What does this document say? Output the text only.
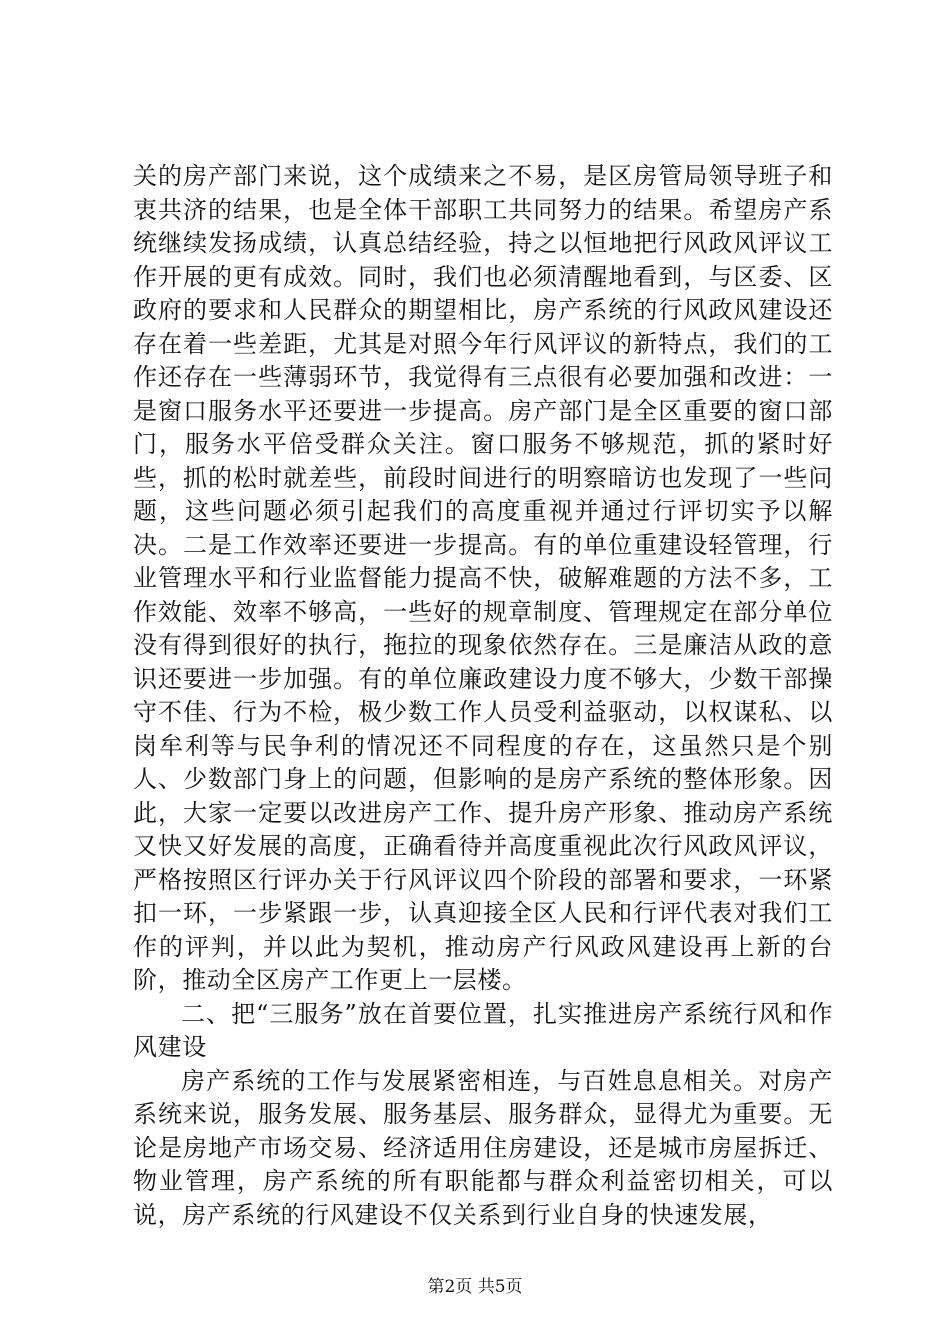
关的房产部门来说，这个成绩来之不易，是区房管局领导班子和衷共济的结果，也是全体干部职工共同努力的结果。希望房产系统继续发扬成绩，认真总结经验，持之以恒地把行风政风评议工作开展的更有成效。同时，我们也必须清醒地看到，与区委、区政府的要求和人民群众的期望相比，房产系统的行风政风建设还存在着一些差距，尤其是对照今年行风评议的新特点，我们的工作还存在一些薄弱环节，我觉得有三点很有必要加强和改进：一是窗口服务水平还要进一步提高。房产部门是全区重要的窗口部门，服务水平倍受群众关注。窗口服务不够规范，抓的紧时好些，抓的松时就差些，前段时间进行的明察暗访也发现了一些问题，这些问题必须引起我们的高度重视并通过行评切实予以解决。二是工作效率还要进一步提高。有的单位重建设轻管理，行业管理水平和行业监督能力提高不快，破解难题的方法不多，工作效能、效率不够高，一些好的规章制度、管理规定在部分单位没有得到很好的执行，拖拉的现象依然存在。三是廉洁从政的意识还要进一步加强。有的单位廉政建设力度不够大，少数干部操守不佳、行为不检，极少数工作人员受利益驱动，以权谋私、以岗牟利等与民争利的情况还不同程度的存在，这虽然只是个别人、少数部门身上的问题，但影响的是房产系统的整体形象。因此，大家一定要以改进房产工作、提升房产形象、推动房产系统又快又好发展的高度，正确看待并高度重视此次行风政风评议，严格按照区行评办关于行风评议四个阶段的部署和要求，一环紧扣一环，一步紧跟一步，认真迎接全区人民和行评代表对我们工作的评判，并以此为契机，推动房产行风政风建设再上新的台阶，推动全区房产工作更上一层楼。

二、把“三服务”放在首要位置，扎实推进房产系统行风和作风建设

房产系统的工作与发展紧密相连，与百姓息息相关。对房产系统来说，服务发展、服务基层、服务群众，显得尤为重要。无论是房地产市场交易、经济适用住房建设，还是城市房屋拆迁、物业管理，房产系统的所有职能都与群众利益密切相关，可以说，房产系统的行风建设不仅关系到行业自身的快速发展，

第2页 共5页
